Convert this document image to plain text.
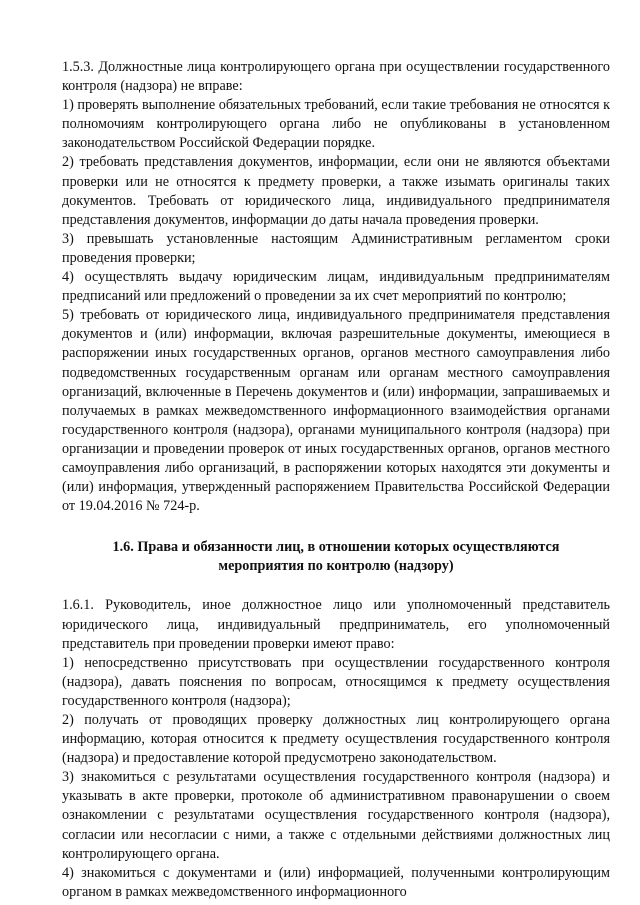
1.5.3. Должностные лица контролирующего органа при осуществлении государственного контроля (надзора) не вправе:

1) проверять выполнение обязательных требований, если такие требования не относятся к полномочиям контролирующего органа либо не опубликованы в установленном законодательством Российской Федерации порядке.

2) требовать представления документов, информации, если они не являются объектами проверки или не относятся к предмету проверки, а также изымать оригиналы таких документов. Требовать от юридического лица, индивидуального предпринимателя представления документов, информации до даты начала проведения проверки.

3) превышать установленные настоящим Административным регламентом сроки проведения проверки;

4) осуществлять выдачу юридическим лицам, индивидуальным предпринимателям предписаний или предложений о проведении за их счет мероприятий по контролю;

5) требовать от юридического лица, индивидуального предпринимателя представления документов и (или) информации, включая разрешительные документы, имеющиеся в распоряжении иных государственных органов, органов местного самоуправления либо подведомственных государственным органам или органам местного самоуправления организаций, включенные в Перечень документов и (или) информации, запрашиваемых и получаемых в рамках межведомственного информационного взаимодействия органами государственного контроля (надзора), органами муниципального контроля (надзора) при организации и проведении проверок от иных государственных органов, органов местного самоуправления либо организаций, в распоряжении которых находятся эти документы и (или) информация, утвержденный распоряжением Правительства Российской Федерации от 19.04.2016 № 724-р.

1.6. Права и обязанности лиц, в отношении которых осуществляются
мероприятия по контролю (надзору)

1.6.1. Руководитель, иное должностное лицо или уполномоченный представитель юридического лица, индивидуальный предприниматель, его уполномоченный представитель при проведении проверки имеют право:

1) непосредственно присутствовать при осуществлении государственного контроля (надзора), давать пояснения по вопросам, относящимся к предмету осуществления государственного контроля (надзора);

2) получать от проводящих проверку должностных лиц контролирующего органа информацию, которая относится к предмету осуществления государственного контроля (надзора) и предоставление которой предусмотрено законодательством.

3) знакомиться с результатами осуществления государственного контроля (надзора) и указывать в акте проверки, протоколе об административном правонарушении о своем ознакомлении с результатами осуществления государственного контроля (надзора), согласии или несогласии с ними, а также с отдельными действиями должностных лиц контролирующего органа.

4) знакомиться с документами и (или) информацией, полученными контролирующим органом в рамках межведомственного информационного
